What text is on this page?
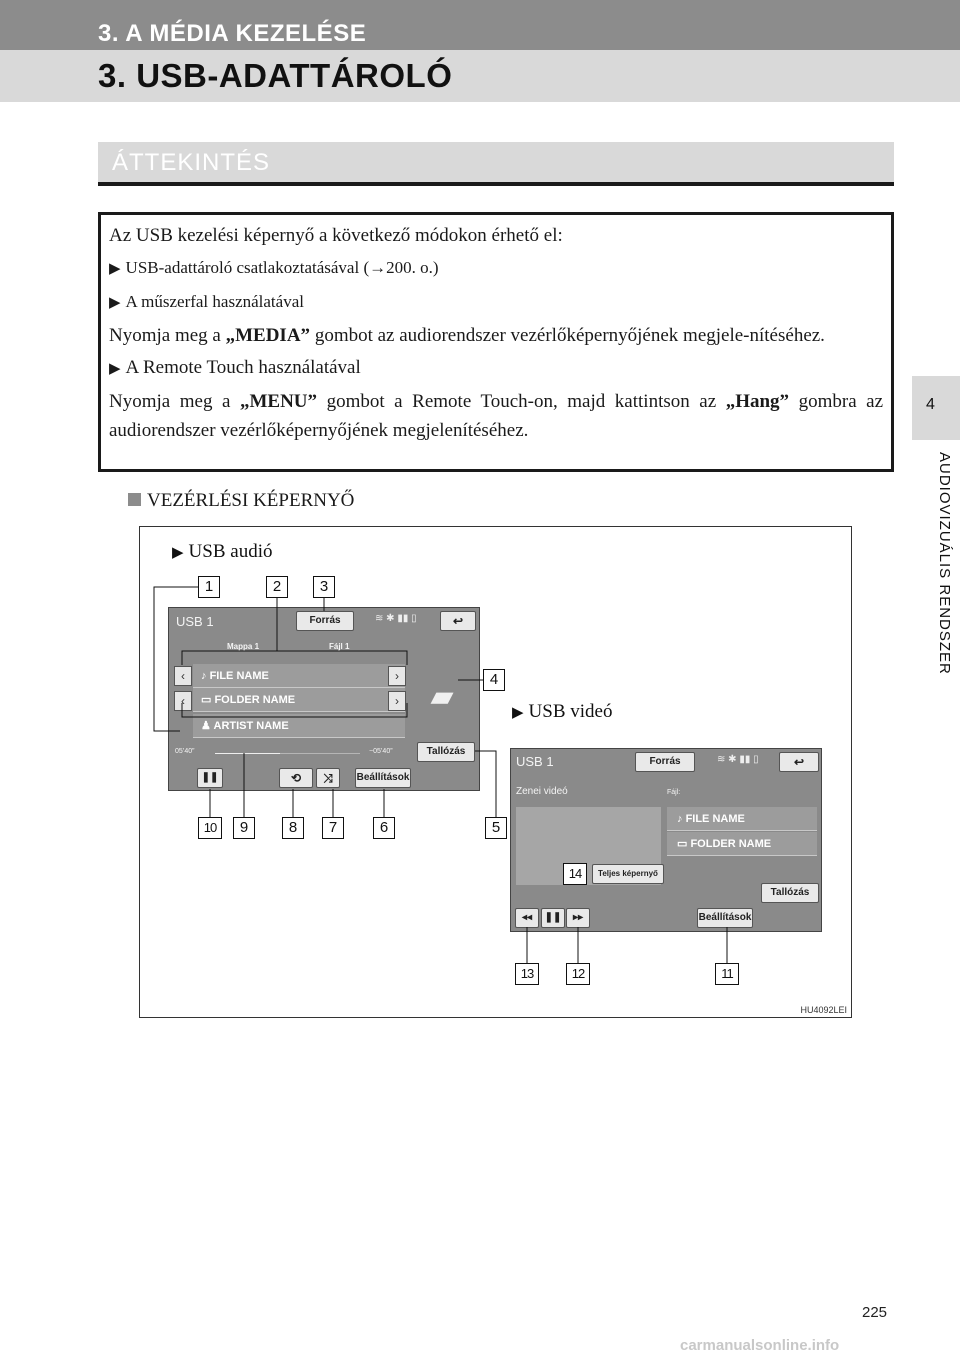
3. A MÉDIA KEZELÉSE
3. USB-ADATTÁROLÓ
4
AUDIOVIZUÁLIS RENDSZER
ÁTTEKINTÉS

Az USB kezelési képernyő a következő módokon érhető el:

▶ USB-adattároló csatlakoztatásával (→200. o.)

▶ A műszerfal használatával

Nyomja meg a „MEDIA” gombot az audiorendszer vezérlőképernyőjének megjele-nítéséhez.

▶ A Remote Touch használatával

Nyomja meg a „MENU” gombot a Remote Touch-on, majd kattintson az „Hang” gombra az audiorendszer vezérlőképernyőjének megjelenítéséhez.

VEZÉRLÉSI KÉPERNYŐ
▶ USB audió
▶ USB videó
USB 1	Forrás	≋ ✱ ▮▮ ▯	↩
Mappa 1	Fájl 1
♪ FILE NAME
▭ FOLDER NAME
♟ ARTIST NAME
‹
‹
›
›	▰
05’40”	−05’40”	Tallózás
❚❚	⟲	⤨	Beállítások
USB 1	Forrás	≋ ✱ ▮▮ ▯	↩
Zenei videó	Fájl:
♪ FILE NAME
▭ FOLDER NAME
Teljes képernyő
Tallózás
◂◂	❚❚	▸▸	Beállítások
1	2	3
4
5
6
7
8
9
10
11
12
13
14
HU4092LEI
225
carmanualsonline.info
